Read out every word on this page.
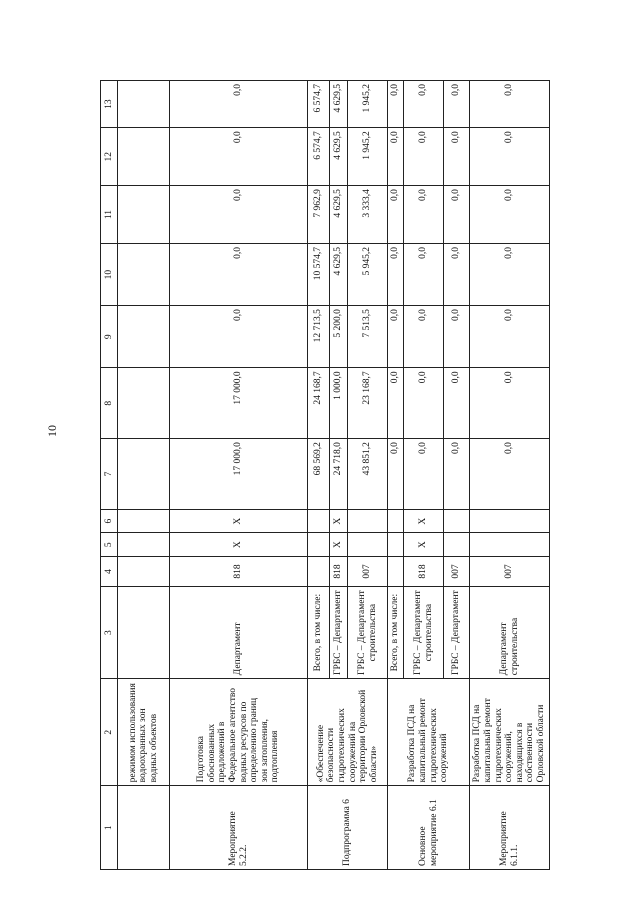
10
1	2	3	4	5	6	7	8	9	10	11	12	13
	режимом использования водоохранных зон водных объектов											
Мероприятие 5.2.2.	Подготовка обоснованных предложений в Федеральное агентство водных ресурсов по определению границ зон затопления, подтопления	Департамент	818	X	X	17 000,0	17 000,0	0,0	0,0	0,0	0,0	0,0
Подпрограмма 6	«Обеспечение безопасности гидротехнических сооружений на территории Орловской области»	Всего, в том числе:				68 569,2	24 168,7	12 713,5	10 574,7	7 962,9	6 574,7	6 574,7
		ГРБС – Департамент	818	X	X	24 718,0	1 000,0	5 200,0	4 629,5	4 629,5	4 629,5	4 629,5
		ГРБС – Департамент строительства	007			43 851,2	23 168,7	7 513,5	5 945,2	3 333,4	1 945,2	1 945,2
Основное мероприятие 6.1	Разработка ПСД на капитальный ремонт гидротехнических сооружений	Всего, в том числе:				0,0	0,0	0,0	0,0	0,0	0,0	0,0
		ГРБС – Департамент строительства	818	X	X	0,0	0,0	0,0	0,0	0,0	0,0	0,0
		ГРБС – Департамент	007			0,0	0,0	0,0	0,0	0,0	0,0	0,0
Мероприятие 6.1.1.	Разработка ПСД на капитальный ремонт гидротехнических сооружений, находящихся в собственности Орловской области	Департамент строительства	007			0,0	0,0	0,0	0,0	0,0	0,0	0,0
